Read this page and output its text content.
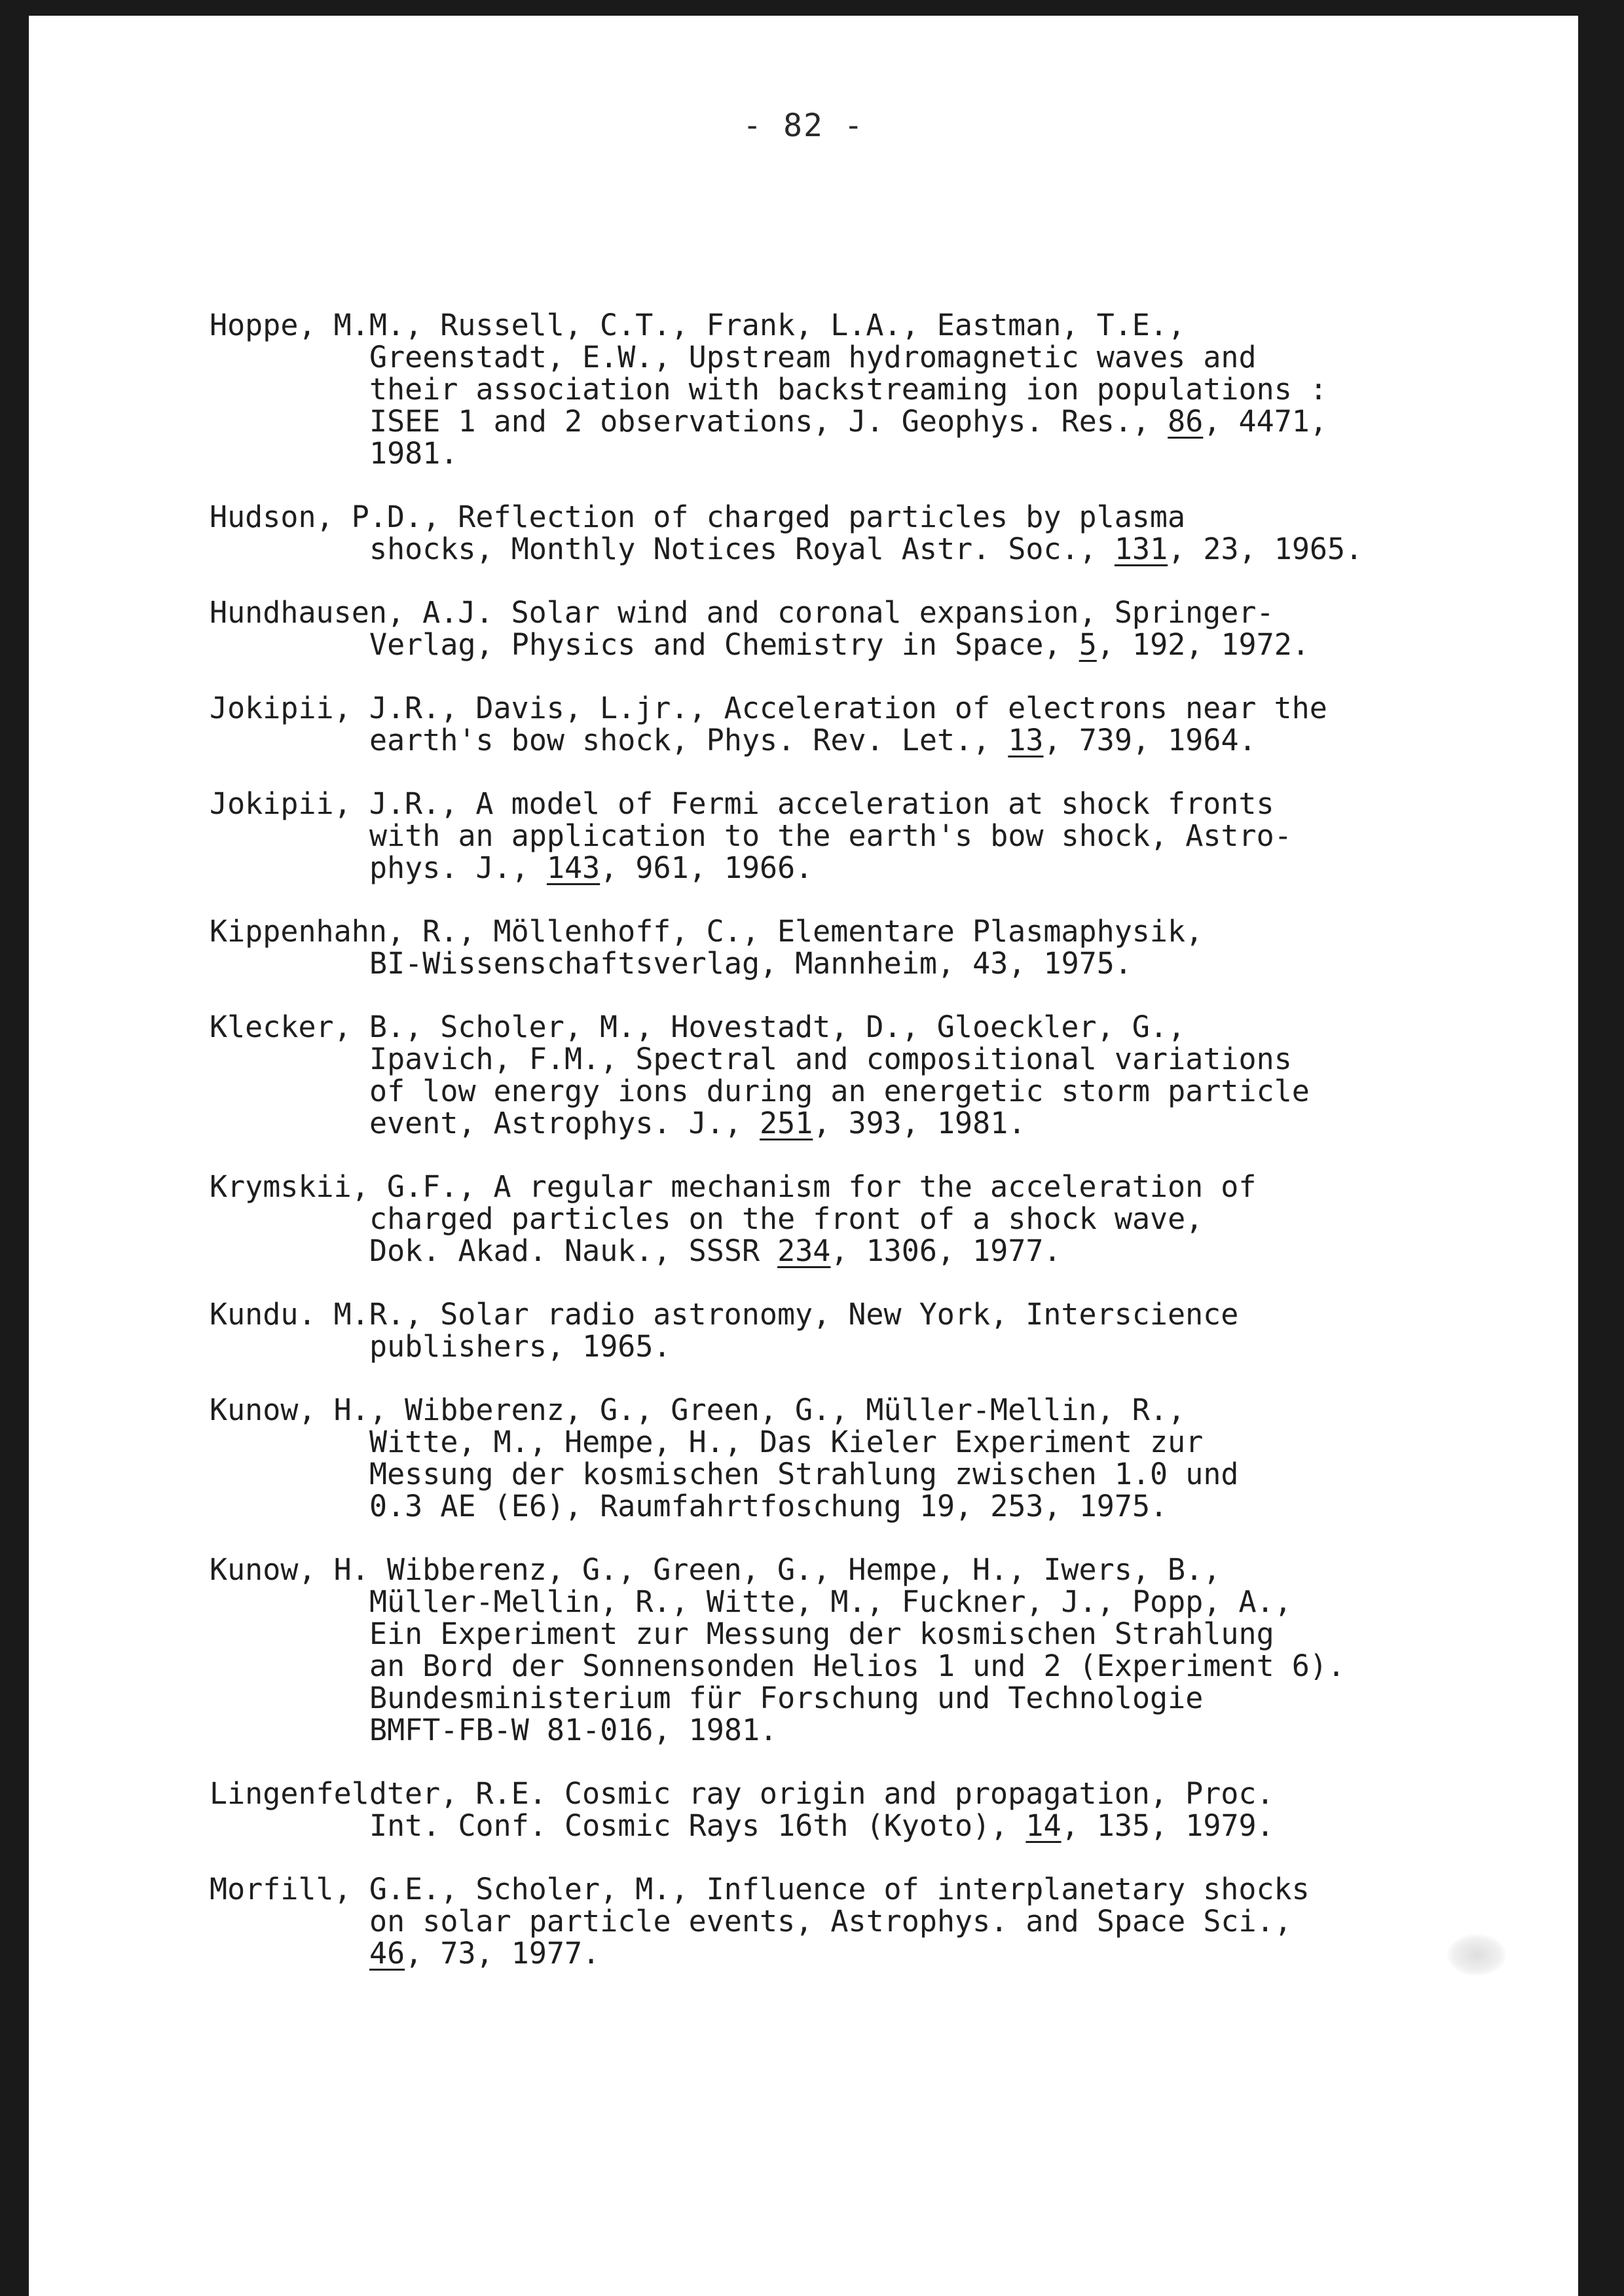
- 82 -
Hoppe, M.M., Russell, C.T., Frank, L.A., Eastman, T.E.,
Greenstadt, E.W., Upstream hydromagnetic waves and
their association with backstreaming ion populations :
ISEE 1 and 2 observations, J. Geophys. Res., 86, 4471,
1981.
Hudson, P.D., Reflection of charged particles by plasma
shocks, Monthly Notices Royal Astr. Soc., 131, 23, 1965.
Hundhausen, A.J. Solar wind and coronal expansion, Springer-
Verlag, Physics and Chemistry in Space, 5, 192, 1972.
Jokipii, J.R., Davis, L.jr., Acceleration of electrons near the
earth's bow shock, Phys. Rev. Let., 13, 739, 1964.
Jokipii, J.R., A model of Fermi acceleration at shock fronts
with an application to the earth's bow shock, Astro-
phys. J., 143, 961, 1966.
Kippenhahn, R., Möllenhoff, C., Elementare Plasmaphysik,
BI-Wissenschaftsverlag, Mannheim, 43, 1975.
Klecker, B., Scholer, M., Hovestadt, D., Gloeckler, G.,
Ipavich, F.M., Spectral and compositional variations
of low energy ions during an energetic storm particle
event, Astrophys. J., 251, 393, 1981.
Krymskii, G.F., A regular mechanism for the acceleration of
charged particles on the front of a shock wave,
Dok. Akad. Nauk., SSSR 234, 1306, 1977.
Kundu. M.R., Solar radio astronomy, New York, Interscience
publishers, 1965.
Kunow, H., Wibberenz, G., Green, G., Müller-Mellin, R.,
Witte, M., Hempe, H., Das Kieler Experiment zur
Messung der kosmischen Strahlung zwischen 1.0 und
0.3 AE (E6), Raumfahrtfoschung 19, 253, 1975.
Kunow, H. Wibberenz, G., Green, G., Hempe, H., Iwers, B.,
Müller-Mellin, R., Witte, M., Fuckner, J., Popp, A.,
Ein Experiment zur Messung der kosmischen Strahlung
an Bord der Sonnensonden Helios 1 und 2 (Experiment 6).
Bundesministerium für Forschung und Technologie
BMFT-FB-W 81-016, 1981.
Lingenfeldter, R.E. Cosmic ray origin and propagation, Proc.
Int. Conf. Cosmic Rays 16th (Kyoto), 14, 135, 1979.
Morfill, G.E., Scholer, M., Influence of interplanetary shocks
on solar particle events, Astrophys. and Space Sci.,
46, 73, 1977.
